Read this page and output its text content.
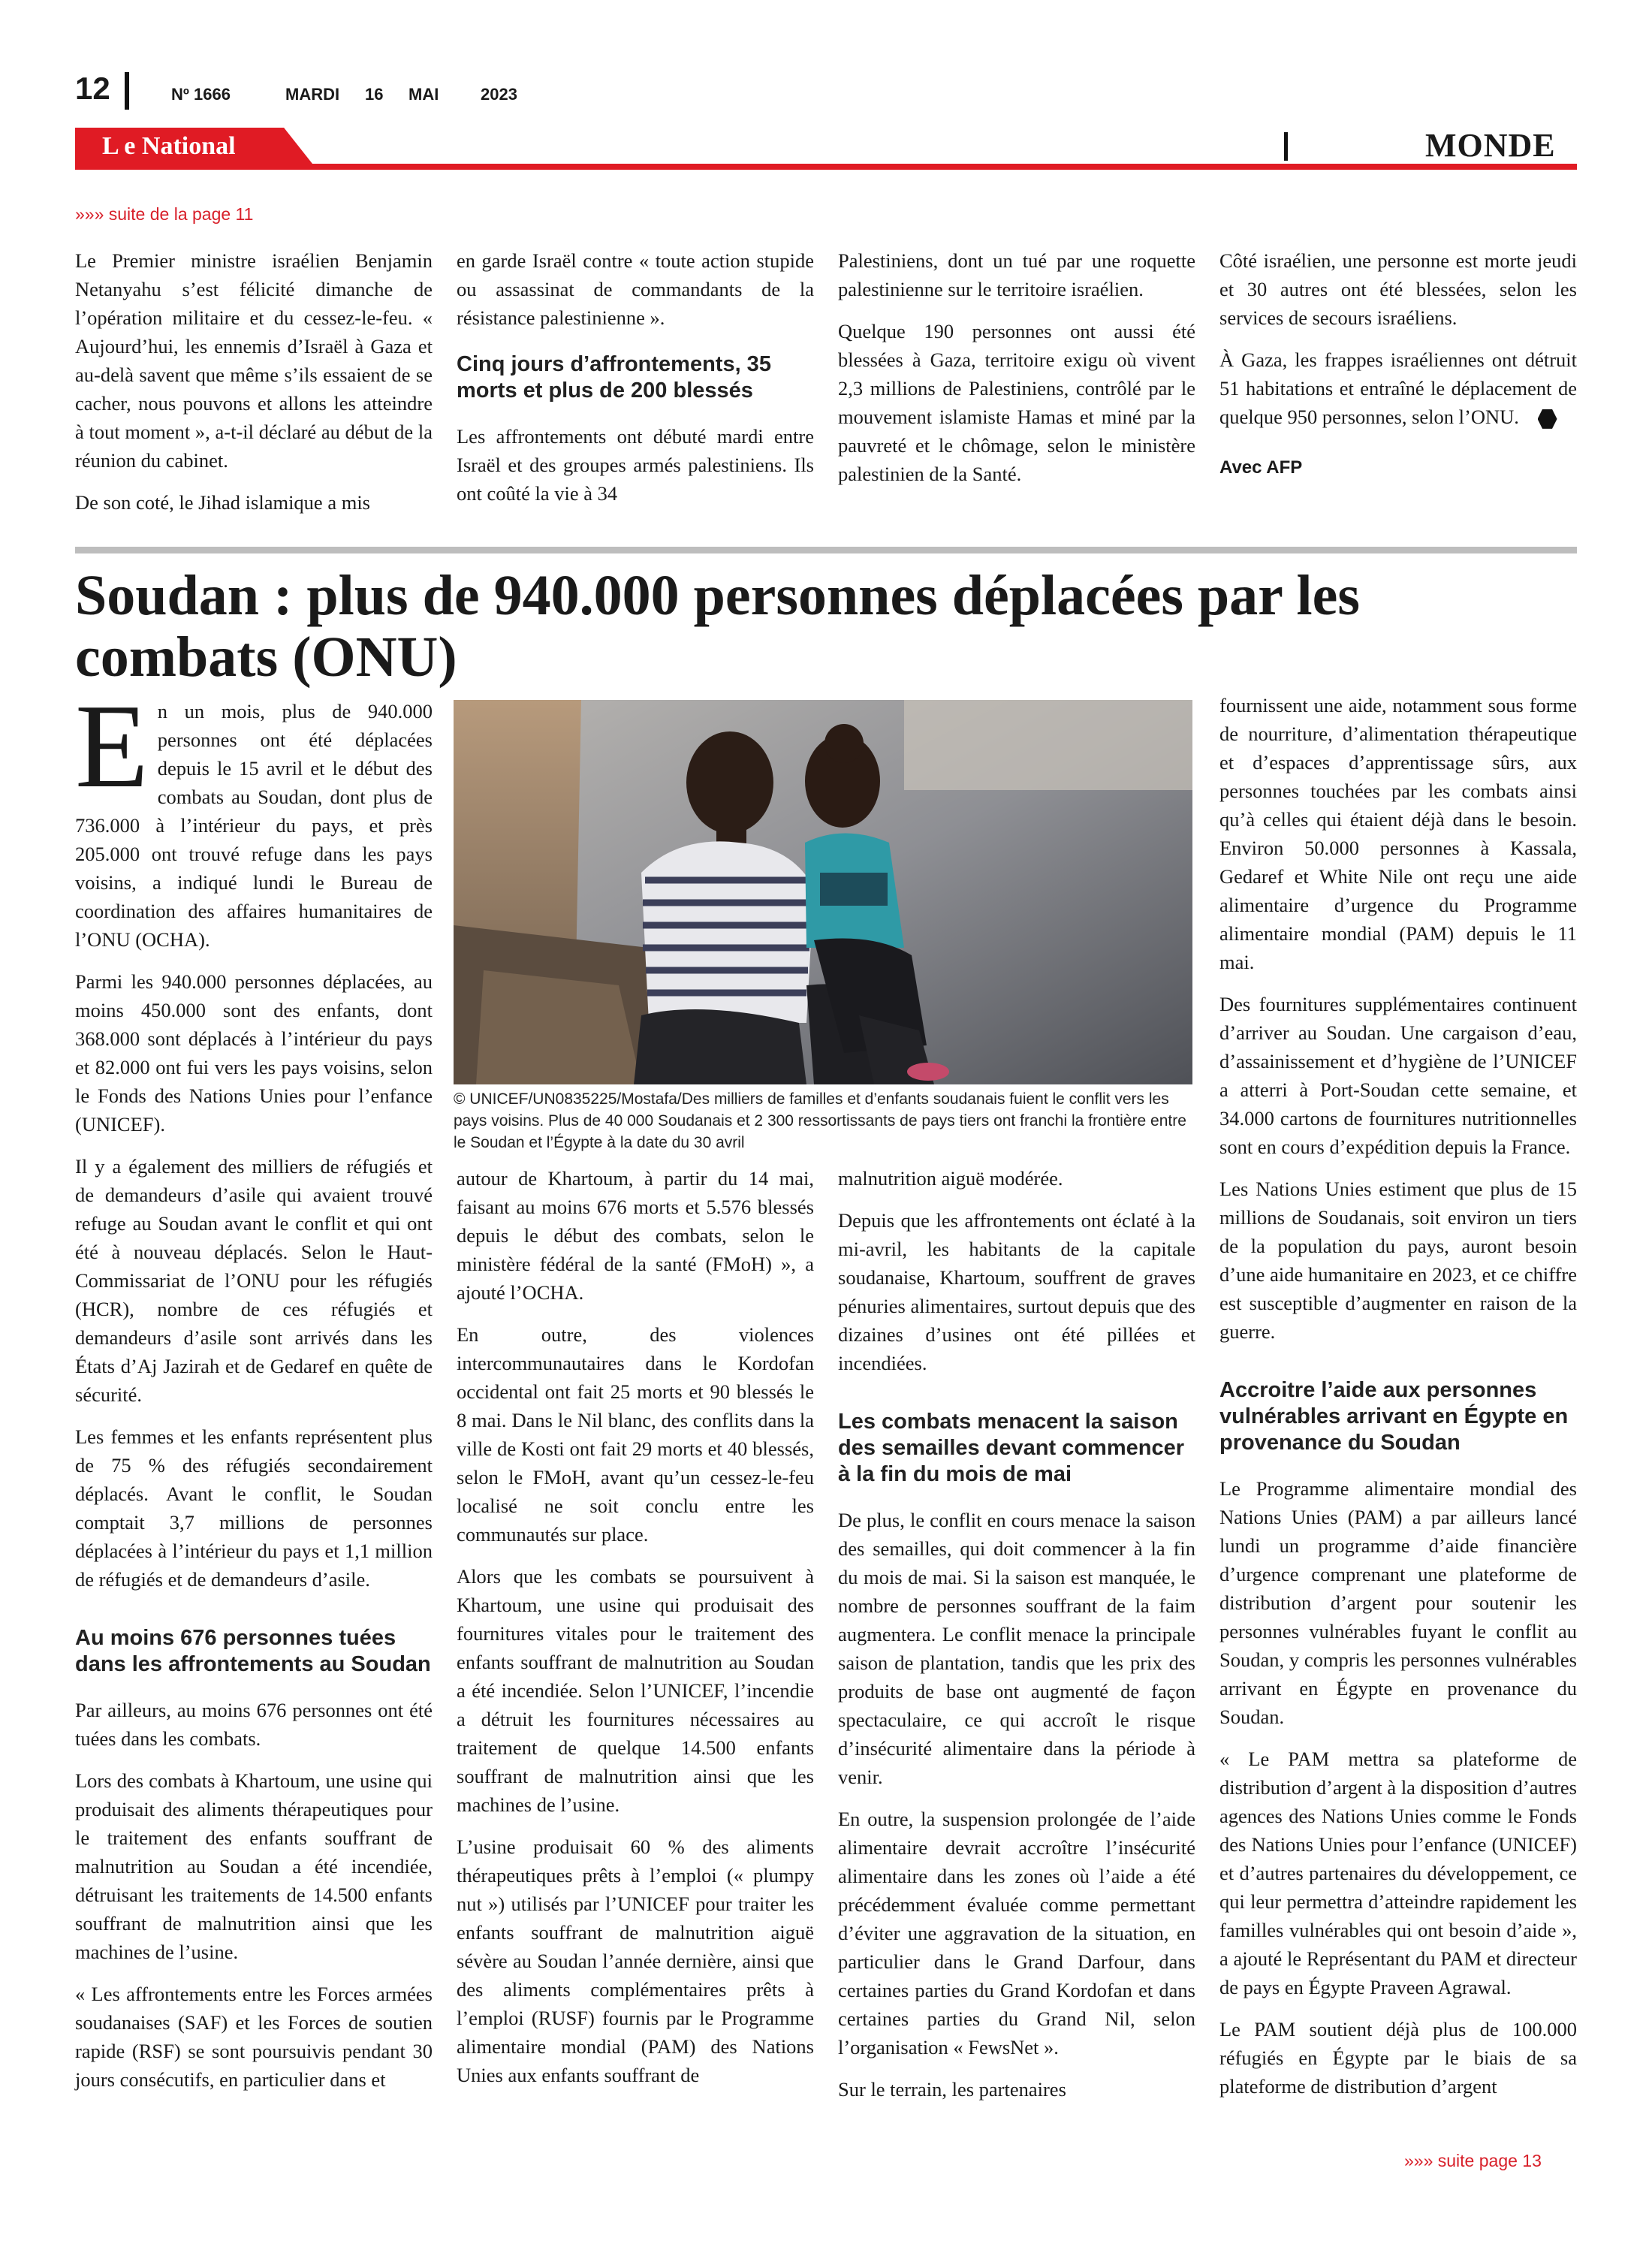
12	Nº 1666	MARDI 16 MAI	2023
L e National	MONDE
»»» suite de la page 11

Le Premier ministre israélien Benjamin Netanyahu s’est félicité dimanche de l’opération militaire et du cessez-le-feu. « Aujourd’hui, les ennemis d’Israël à Gaza et au-delà savent que même s’ils essaient de se cacher, nous pouvons et allons les atteindre à tout moment », a-t-il déclaré au début de la réunion du cabinet.

De son coté, le Jihad islamique a mis

en garde Israël contre « toute action stupide ou assassinat de commandants de la résistance palestinienne ».

Cinq jours d’affrontements, 35 morts et plus de 200 blessés

Les affrontements ont débuté mardi entre Israël et des groupes armés palestiniens. Ils ont coûté la vie à 34

Palestiniens, dont un tué par une roquette palestinienne sur le territoire israélien.

Quelque 190 personnes ont aussi été blessées à Gaza, territoire exigu où vivent 2,3 millions de Palestiniens, contrôlé par le mouvement islamiste Hamas et miné par la pauvreté et le chômage, selon le ministère palestinien de la Santé.

Côté israélien, une personne est morte jeudi et 30 autres ont été blessées, selon les services de secours israéliens.

À Gaza, les frappes israéliennes ont détruit 51 habitations et entraîné le déplacement de quelque 950 personnes, selon l’ONU.

Avec AFP

Soudan : plus de 940.000 personnes déplacées par les combats (ONU)

En un mois, plus de 940.000 personnes ont été déplacées depuis le 15 avril et le début des combats au Soudan, dont plus de 736.000 à l’intérieur du pays, et près 205.000 ont trouvé refuge dans les pays voisins, a indiqué lundi le Bureau de coordination des affaires humanitaires de l’ONU (OCHA).

Parmi les 940.000 personnes déplacées, au moins 450.000 sont des enfants, dont 368.000 sont déplacés à l’intérieur du pays et 82.000 ont fui vers les pays voisins, selon le Fonds des Nations Unies pour l’enfance (UNICEF).

Il y a également des milliers de réfugiés et de demandeurs d’asile qui avaient trouvé refuge au Soudan avant le conflit et qui ont été à nouveau déplacés. Selon le Haut-Commissariat de l’ONU pour les réfugiés (HCR), nombre de ces réfugiés et demandeurs d’asile sont arrivés dans les États d’Aj Jazirah et de Gedaref en quête de sécurité.

Les femmes et les enfants représentent plus de 75 % des réfugiés secondairement déplacés. Avant le conflit, le Soudan comptait 3,7 millions de personnes déplacées à l’intérieur du pays et 1,1 million de réfugiés et de demandeurs d’asile.

Au moins 676 personnes tuées dans les affrontements au Soudan

Par ailleurs, au moins 676 personnes ont été tuées dans les combats.

Lors des combats à Khartoum, une usine qui produisait des aliments thérapeutiques pour le traitement des enfants souffrant de malnutrition au Soudan a été incendiée, détruisant les traitements de 14.500 enfants souffrant de malnutrition ainsi que les machines de l’usine.

« Les affrontements entre les Forces armées soudanaises (SAF) et les Forces de soutien rapide (RSF) se sont poursuivis pendant 30 jours consécutifs, en particulier dans et

© UNICEF/UN0835225/Mostafa/Des milliers de familles et d’enfants soudanais fuient le conflit vers les pays voisins. Plus de 40 000 Soudanais et 2 300 ressortissants de pays tiers ont franchi la frontière entre le Soudan et l’Égypte à la date du 30 avril

autour de Khartoum, à partir du 14 mai, faisant au moins 676 morts et 5.576 blessés depuis le début des combats, selon le ministère fédéral de la santé (FMoH) », a ajouté l’OCHA.

En outre, des violences intercommunautaires dans le Kordofan occidental ont fait 25 morts et 90 blessés le 8 mai. Dans le Nil blanc, des conflits dans la ville de Kosti ont fait 29 morts et 40 blessés, selon le FMoH, avant qu’un cessez-le-feu localisé ne soit conclu entre les communautés sur place.

Alors que les combats se poursuivent à Khartoum, une usine qui produisait des fournitures vitales pour le traitement des enfants souffrant de malnutrition au Soudan a été incendiée. Selon l’UNICEF, l’incendie a détruit les fournitures nécessaires au traitement de quelque 14.500 enfants souffrant de malnutrition ainsi que les machines de l’usine.

L’usine produisait 60 % des aliments thérapeutiques prêts à l’emploi (« plumpy nut ») utilisés par l’UNICEF pour traiter les enfants souffrant de malnutrition aiguë sévère au Soudan l’année dernière, ainsi que des aliments complémentaires prêts à l’emploi (RUSF) fournis par le Programme alimentaire mondial (PAM) des Nations Unies aux enfants souffrant de

malnutrition aiguë modérée.

Depuis que les affrontements ont éclaté à la mi-avril, les habitants de la capitale soudanaise, Khartoum, souffrent de graves pénuries alimentaires, surtout depuis que des dizaines d’usines ont été pillées et incendiées.

Les combats menacent la saison des semailles devant commencer à la fin du mois de mai

De plus, le conflit en cours menace la saison des semailles, qui doit commencer à la fin du mois de mai. Si la saison est manquée, le nombre de personnes souffrant de la faim augmentera. Le conflit menace la principale saison de plantation, tandis que les prix des produits de base ont augmenté de façon spectaculaire, ce qui accroît le risque d’insécurité alimentaire dans la période à venir.

En outre, la suspension prolongée de l’aide alimentaire devrait accroître l’insécurité alimentaire dans les zones où l’aide a été précédemment évaluée comme permettant d’éviter une aggravation de la situation, en particulier dans le Grand Darfour, dans certaines parties du Grand Kordofan et dans certaines parties du Grand Nil, selon l’organisation « FewsNet ».

Sur le terrain, les partenaires

fournissent une aide, notamment sous forme de nourriture, d’alimentation thérapeutique et d’espaces d’apprentissage sûrs, aux personnes touchées par les combats ainsi qu’à celles qui étaient déjà dans le besoin. Environ 50.000 personnes à Kassala, Gedaref et White Nile ont reçu une aide alimentaire d’urgence du Programme alimentaire mondial (PAM) depuis le 11 mai.

Des fournitures supplémentaires continuent d’arriver au Soudan. Une cargaison d’eau, d’assainissement et d’hygiène de l’UNICEF a atterri à Port-Soudan cette semaine, et 34.000 cartons de fournitures nutritionnelles sont en cours d’expédition depuis la France.

Les Nations Unies estiment que plus de 15 millions de Soudanais, soit environ un tiers de la population du pays, auront besoin d’une aide humanitaire en 2023, et ce chiffre est susceptible d’augmenter en raison de la guerre.

Accroitre l’aide aux personnes vulnérables arrivant en Égypte en provenance du Soudan

Le Programme alimentaire mondial des Nations Unies (PAM) a par ailleurs lancé lundi un programme d’aide financière d’urgence comprenant une plateforme de distribution d’argent pour soutenir les personnes vulnérables fuyant le conflit au Soudan, y compris les personnes vulnérables arrivant en Égypte en provenance du Soudan.

« Le PAM mettra sa plateforme de distribution d’argent à la disposition d’autres agences des Nations Unies comme le Fonds des Nations Unies pour l’enfance (UNICEF) et d’autres partenaires du développement, ce qui leur permettra d’atteindre rapidement les familles vulnérables qui ont besoin d’aide », a ajouté le Représentant du PAM et directeur de pays en Égypte Praveen Agrawal.

Le PAM soutient déjà plus de 100.000 réfugiés en Égypte par le biais de sa plateforme de distribution d’argent

»»» suite page 13
